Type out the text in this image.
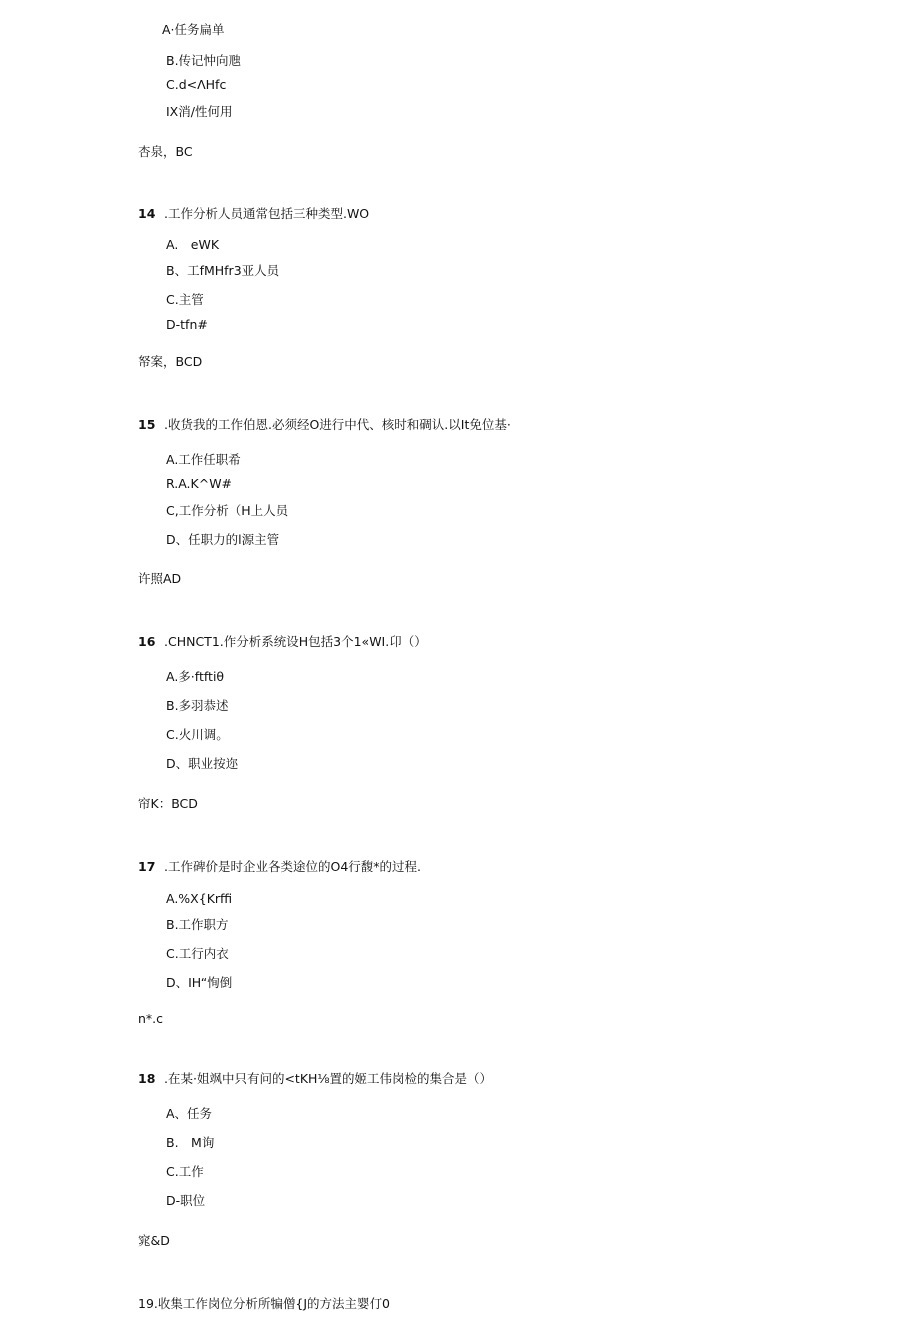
A·任务扁单
B.传记忡向虺
C.d<ΛHfc
IX消/性何用
杏泉，BC
14 .工作分析人员通常包括三种类型.WO
A.　eWK
B、工fMHfr3亚人员
C.主管
D-tfn#
帑案，BCD
15 .收货我的工作伯恩.必须经O进行中代、核时和碉认.以It免位基·
A.工作任职希
R.A.K^W#
C,工作分析（H上人员
D、任职力的l源主管
许照AD
16 .CHNCT1.作分析系统设H包括3个1«WI.卬（）
A.多·ftftiθ
B.多羽恭述
C.火川调。
D、职业按迩
帘K：BCD
17 .工作碑价是时企业各类途位的O4行馥*的过程.
A.%X{Krffi
B.工作职方
C.工行内衣
D、IH“恂倒
n*.c
18 .在某·姐飒中只有问的<tKH⅛置的姬工伟岗检的集合是（）
A、任务
B.　M询
C.工作
D-职位
窕&D
19.收集工作岗位分析所犏僧{J的方法主婴仃0
